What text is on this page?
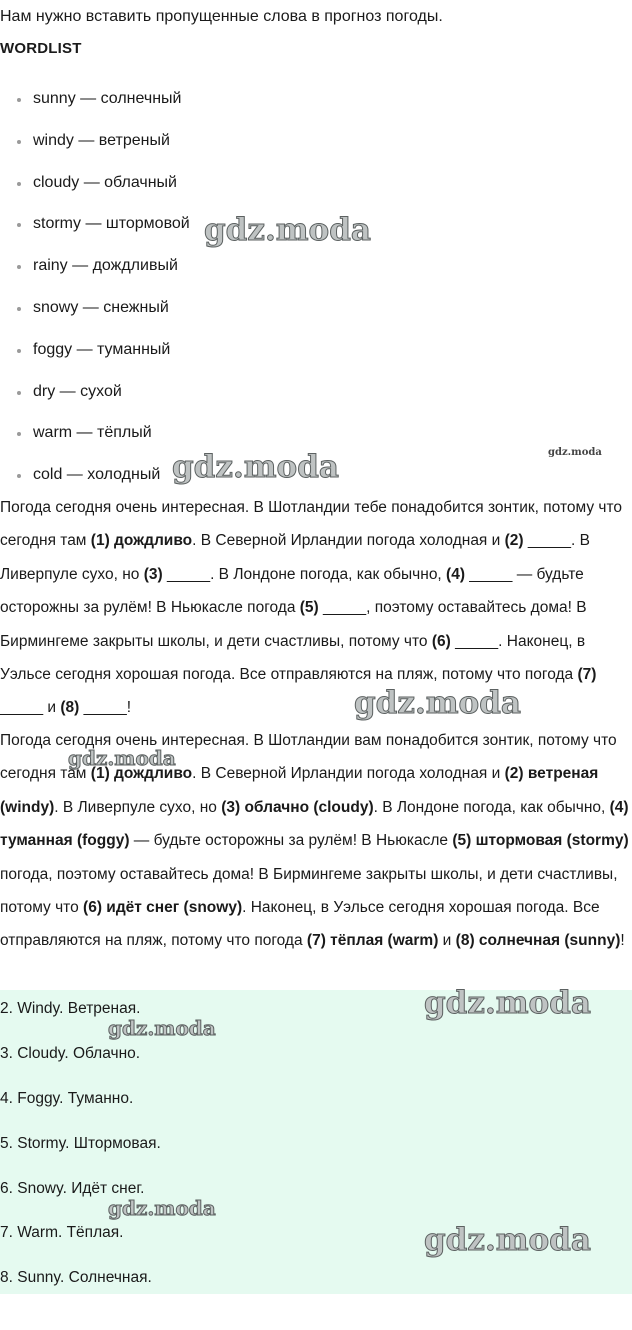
Нам нужно вставить пропущенные слова в прогноз погоды.
WORDLIST
sunny — солнечный
windy — ветреный
cloudy — облачный
stormy — штормовой
rainy — дождливый
snowy — снежный
foggy — туманный
dry — сухой
warm — тёплый
cold — холодный
Погода сегодня очень интересная. В Шотландии тебе понадобится зонтик, потому что сегодня там (1) дождливо. В Северной Ирландии погода холодная и (2) _____. В Ливерпуле сухо, но (3) _____. В Лондоне погода, как обычно, (4) _____ — будьте осторожны за рулём! В Ньюкасле погода (5) _____, поэтому оставайтесь дома! В Бирмингеме закрыты школы, и дети счастливы, потому что (6) _____. Наконец, в Уэльсе сегодня хорошая погода. Все отправляются на пляж, потому что погода (7) _____ и (8) _____!
Погода сегодня очень интересная. В Шотландии вам понадобится зонтик, потому что сегодня там (1) дождливо. В Северной Ирландии погода холодная и (2) ветреная (windy). В Ливерпуле сухо, но (3) облачно (cloudy). В Лондоне погода, как обычно, (4) туманная (foggy) — будьте осторожны за рулём! В Ньюкасле (5) штормовая (stormy) погода, поэтому оставайтесь дома! В Бирмингеме закрыты школы, и дети счастливы, потому что (6) идёт снег (snowy). Наконец, в Уэльсе сегодня хорошая погода. Все отправляются на пляж, потому что погода (7) тёплая (warm) и (8) солнечная (sunny)!
2. Windy. Ветреная.
3. Cloudy. Облачно.
4. Foggy. Туманно.
5. Stormy. Штормовая.
6. Snowy. Идёт снег.
7. Warm. Тёплая.
8. Sunny. Солнечная.
gdz.moda
gdz.moda
gdz.moda
gdz.moda
gdz.moda
gdz.moda
gdz.moda
gdz.moda
gdz.moda
